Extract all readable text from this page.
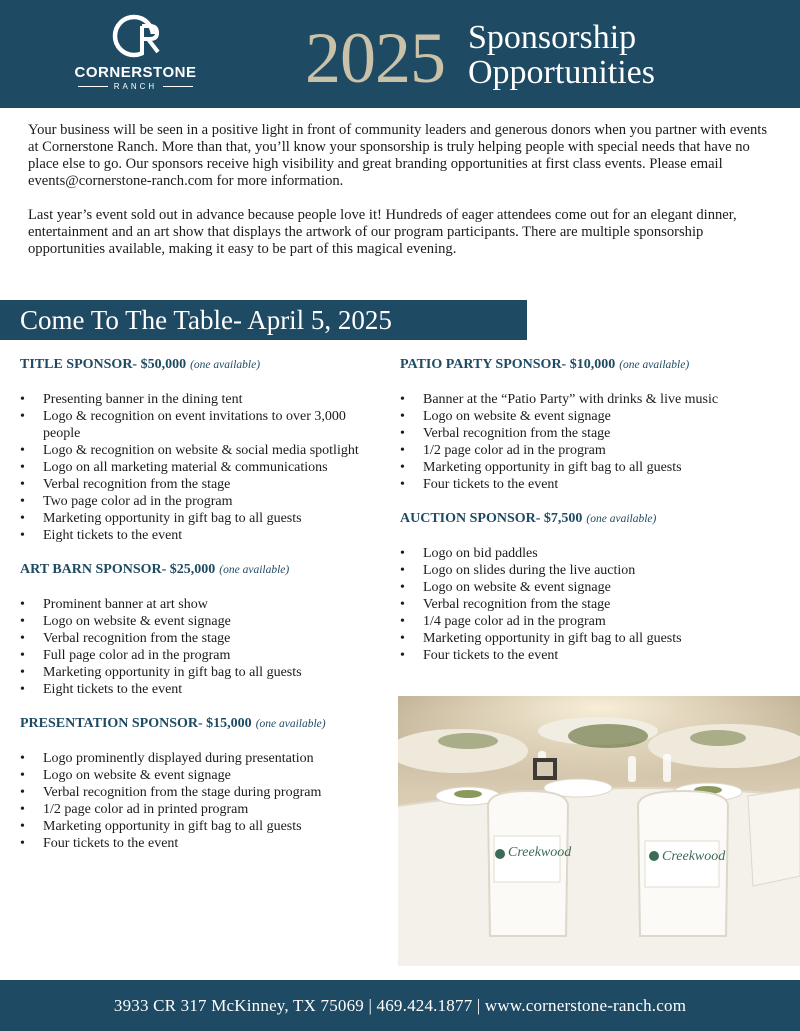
CORNERSTONE
RANCH	2025 Sponsorship
Opportunities

Your business will be seen in a positive light in front of community leaders and generous donors when you partner with events at Cornerstone Ranch. More than that, you’ll know your sponsorship is truly helping people with special needs that have no place else to go. Our sponsors receive high visibility and great branding opportunities at first class events. Please email events@cornerstone-ranch.com for more information.

Last year’s event sold out in advance because people love it! Hundreds of eager attendees come out for an elegant dinner, entertainment and an art show that displays the artwork of our program participants. There are multiple sponsorship opportunities available, making it easy to be part of this magical evening.

Come To The Table- April 5, 2025
TITLE SPONSOR- $50,000 (one available)
• Presenting banner in the dining tent
• Logo & recognition on event invitations to over 3,000 people
• Logo & recognition on website & social media spotlight
• Logo on all marketing material & communications
• Verbal recognition from the stage
• Two page color ad in the program
• Marketing opportunity in gift bag to all guests
• Eight tickets to the event
ART BARN SPONSOR- $25,000 (one available)
• Prominent banner at art show
• Logo on website & event signage
• Verbal recognition from the stage
• Full page color ad in the program
• Marketing opportunity in gift bag to all guests
• Eight tickets to the event
PRESENTATION SPONSOR- $15,000 (one available)
• Logo prominently displayed during presentation
• Logo on website & event signage
• Verbal recognition from the stage during program
• 1/2 page color ad in printed program
• Marketing opportunity in gift bag to all guests
• Four tickets to the event
PATIO PARTY SPONSOR- $10,000 (one available)
• Banner at the “Patio Party” with drinks & live music
• Logo on website & event signage
• Verbal recognition from the stage
• 1/2 page color ad in the program
• Marketing opportunity in gift bag to all guests
• Four tickets to the event
AUCTION SPONSOR- $7,500 (one available)
• Logo on bid paddles
• Logo on slides during the live auction
• Logo on website & event signage
• Verbal recognition from the stage
• 1/4 page color ad in the program
• Marketing opportunity in gift bag to all guests
• Four tickets to the event
Creekwood	Creekwood
3933 CR 317 McKinney, TX 75069 | 469.424.1877 | www.cornerstone-ranch.com
